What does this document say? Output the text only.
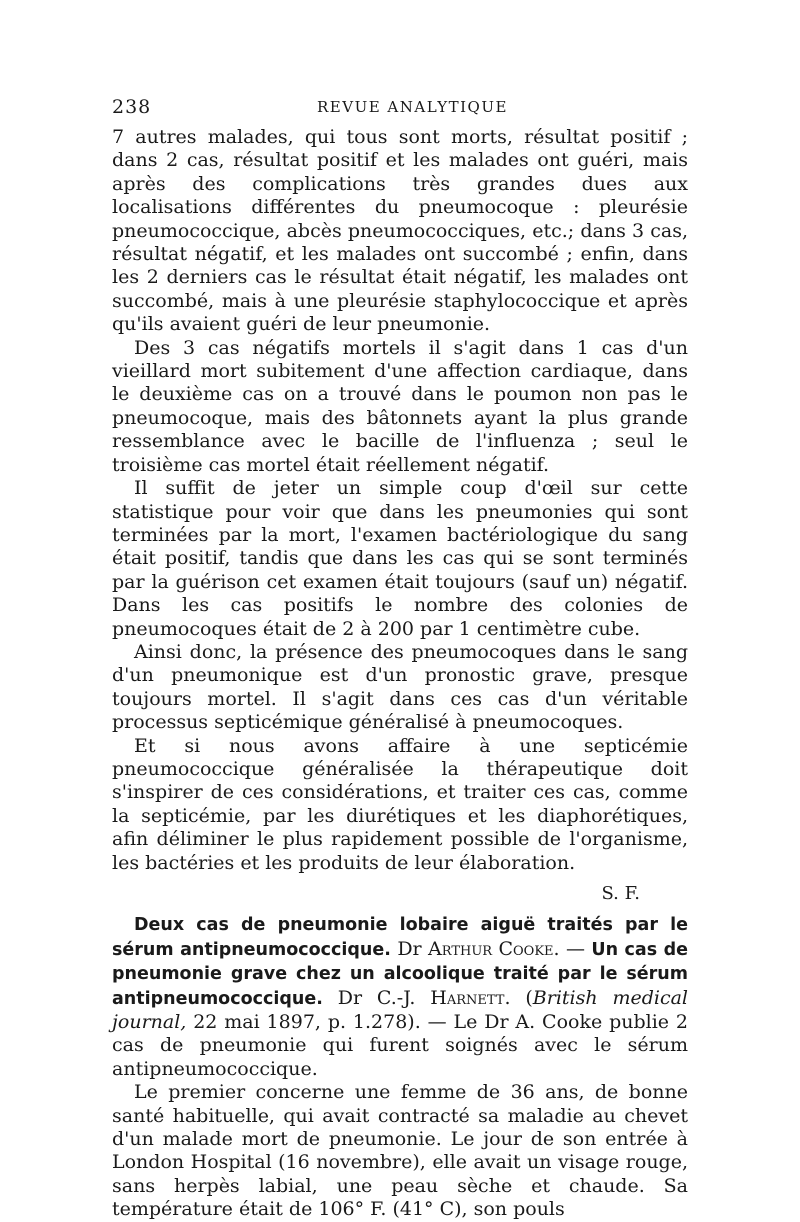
238	REVUE ANALYTIQUE

7 autres malades, qui tous sont morts, résultat positif ; dans 2 cas, résultat positif et les malades ont guéri, mais après des complications très grandes dues aux localisations différentes du pneumocoque : pleurésie pneumococcique, abcès pneumococciques, etc.; dans 3 cas, résultat négatif, et les malades ont succombé ; enfin, dans les 2 derniers cas le résultat était négatif, les malades ont succombé, mais à une pleurésie staphylococcique et après qu'ils avaient guéri de leur pneumonie.

Des 3 cas négatifs mortels il s'agit dans 1 cas d'un vieillard mort subitement d'une affection cardiaque, dans le deuxième cas on a trouvé dans le poumon non pas le pneumocoque, mais des bâtonnets ayant la plus grande ressemblance avec le bacille de l'influenza ; seul le troisième cas mortel était réellement négatif.

Il suffit de jeter un simple coup d'œil sur cette statistique pour voir que dans les pneumonies qui sont terminées par la mort, l'examen bactériologique du sang était positif, tandis que dans les cas qui se sont terminés par la guérison cet examen était toujours (sauf un) négatif. Dans les cas positifs le nombre des colonies de pneumocoques était de 2 à 200 par 1 centimètre cube.

Ainsi donc, la présence des pneumocoques dans le sang d'un pneumonique est d'un pronostic grave, presque toujours mortel. Il s'agit dans ces cas d'un véritable processus septicémique généralisé à pneumocoques.

Et si nous avons affaire à une septicémie pneumococcique généralisée la thérapeutique doit s'inspirer de ces considérations, et traiter ces cas, comme la septicémie, par les diurétiques et les diaphorétiques, afin déliminer le plus rapidement possible de l'organisme, les bactéries et les produits de leur élaboration.

S. F.

Deux cas de pneumonie lobaire aiguë traités par le sérum antipneumococcique. Dr Arthur Cooke. — Un cas de pneumonie grave chez un alcoolique traité par le sérum antipneumococcique. Dr C.-J. Harnett. (British medical journal, 22 mai 1897, p. 1.278). — Le Dr A. Cooke publie 2 cas de pneumonie qui furent soignés avec le sérum antipneumococcique.

Le premier concerne une femme de 36 ans, de bonne santé habituelle, qui avait contracté sa maladie au chevet d'un malade mort de pneumonie. Le jour de son entrée à London Hospital (16 novembre), elle avait un visage rouge, sans herpès labial, une peau sèche et chaude. Sa température était de 106° F. (41° C), son pouls
